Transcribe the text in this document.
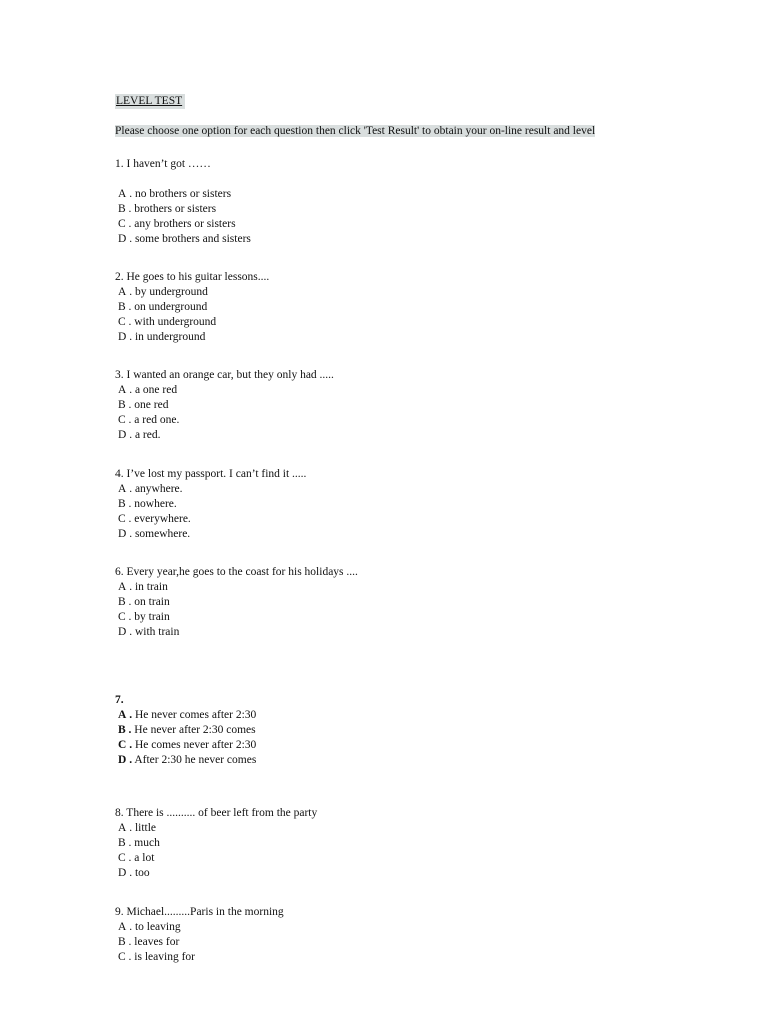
LEVEL TEST
Please choose one option for each question then click 'Test Result' to obtain your on-line result and level
1. I haven’t got ……
A . no brothers or sisters
B . brothers or sisters
C . any brothers or sisters
D . some brothers and sisters
2. He goes to his guitar lessons....
A . by underground
B . on underground
C . with underground
D . in underground
3. I wanted an orange car, but they only had .....
A . a one red
B . one red
C . a red one.
D . a red.
4. I’ve lost my passport. I can’t find it .....
A . anywhere.
B . nowhere.
C . everywhere.
D . somewhere.
6. Every year,he goes to the coast for his holidays ....
A . in train
B . on train
C . by train
D . with train
7.
A . He never comes after 2:30
B . He never after 2:30 comes
C . He comes never after 2:30
D . After 2:30 he never comes
8. There is .......... of beer left from the party
A . little
B . much
C . a lot
D . too
9. Michael.........Paris in the morning
A . to leaving
B . leaves for
C . is leaving for
